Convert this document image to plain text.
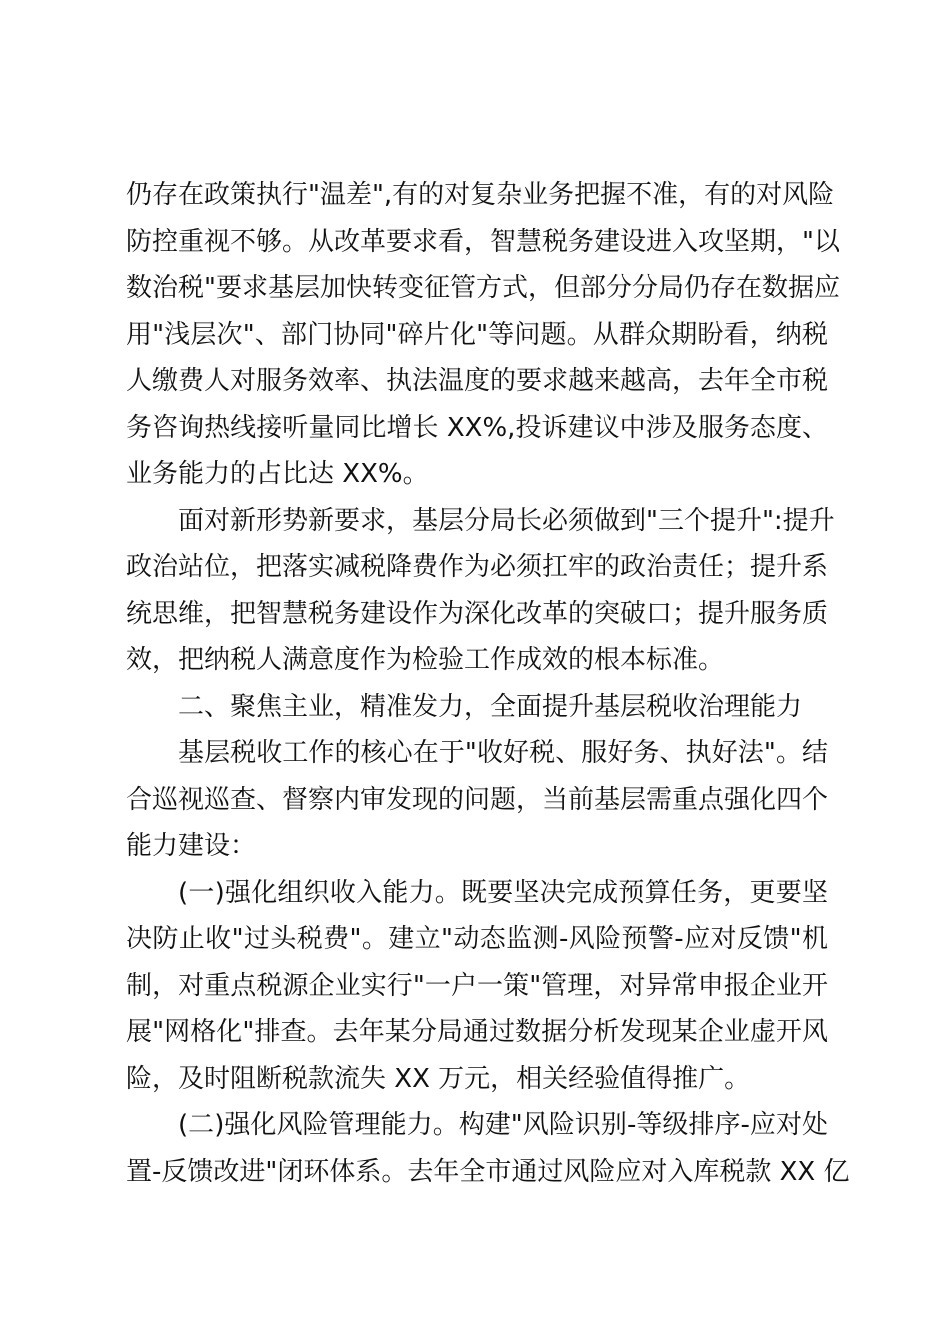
仍存在政策执行"温差",有的对复杂业务把握不准，有的对风险
防控重视不够。从改革要求看，智慧税务建设进入攻坚期，"以
数治税"要求基层加快转变征管方式，但部分分局仍存在数据应
用"浅层次"、部门协同"碎片化"等问题。从群众期盼看，纳税
人缴费人对服务效率、执法温度的要求越来越高，去年全市税
务咨询热线接听量同比增长 XX%,投诉建议中涉及服务态度、
业务能力的占比达 XX%。
面对新形势新要求，基层分局长必须做到"三个提升":提升
政治站位，把落实减税降费作为必须扛牢的政治责任；提升系
统思维，把智慧税务建设作为深化改革的突破口；提升服务质
效，把纳税人满意度作为检验工作成效的根本标准。
二、聚焦主业，精准发力，全面提升基层税收治理能力
基层税收工作的核心在于"收好税、服好务、执好法"。结
合巡视巡查、督察内审发现的问题，当前基层需重点强化四个
能力建设：
(一)强化组织收入能力。既要坚决完成预算任务，更要坚
决防止收"过头税费"。建立"动态监测-风险预警-应对反馈"机
制，对重点税源企业实行"一户一策"管理，对异常申报企业开
展"网格化"排查。去年某分局通过数据分析发现某企业虚开风
险，及时阻断税款流失 XX 万元，相关经验值得推广。
(二)强化风险管理能力。构建"风险识别-等级排序-应对处
置-反馈改进"闭环体系。去年全市通过风险应对入库税款 XX 亿
